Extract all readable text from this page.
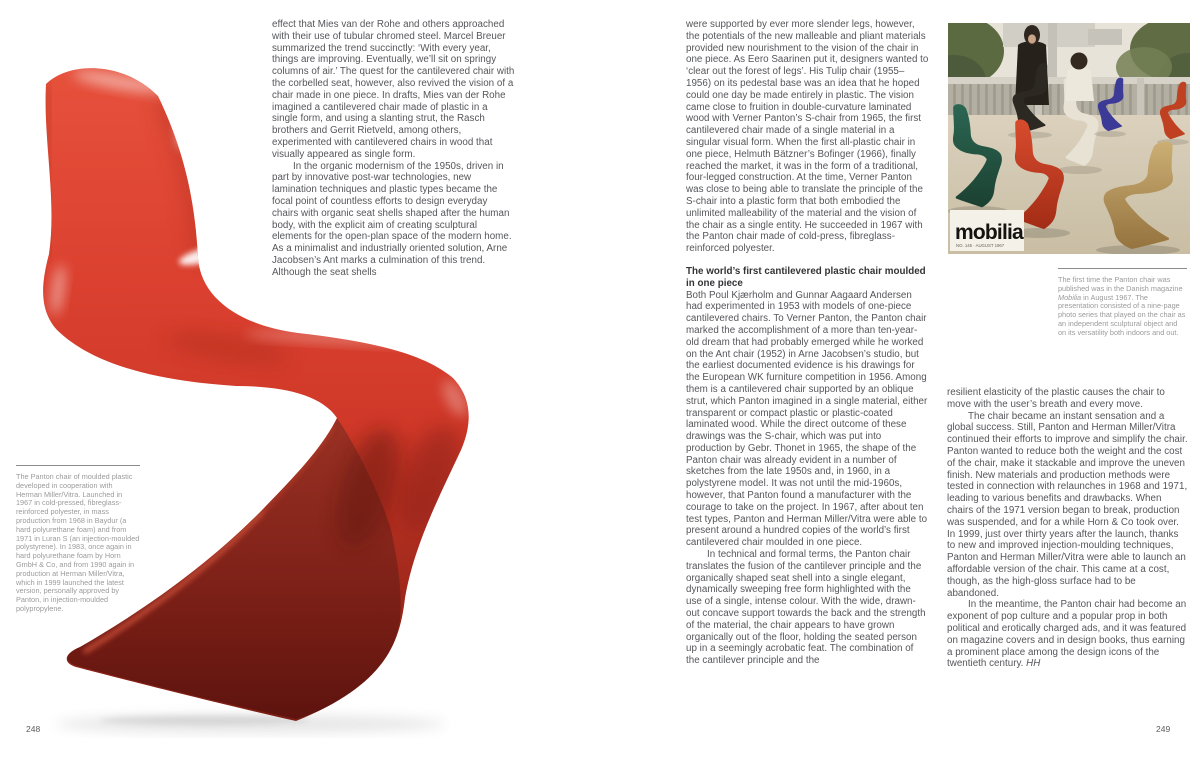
effect that Mies van der Rohe and others approached with their use of tubular chromed steel. Marcel Breuer summarized the trend succinctly: ‘With every year, things are improving. Eventually, we’ll sit on springy columns of air.’ The quest for the cantilevered chair with the corbelled seat, however, also revived the vision of a chair made in one piece. In drafts, Mies van der Rohe imagined a cantilevered chair made of plastic in a single form, and using a slanting strut, the Rasch brothers and Gerrit Rietveld, among others, experimented with cantilevered chairs in wood that visually appeared as single form.

In the organic modernism of the 1950s, driven in part by innovative post-war technologies, new lamination techniques and plastic types became the focal point of countless efforts to design everyday chairs with organic seat shells shaped after the human body, with the explicit aim of creating sculptural elements for the open-plan space of the modern home. As a minimalist and industrially oriented solution, Arne Jacobsen’s Ant marks a culmination of this trend. Although the seat shells

The Panton chair of moulded plastic developed in cooperation with Herman Miller/Vitra. Launched in 1967 in cold-pressed, fibreglass-reinforced polyester, in mass production from 1968 in Baydur (a hard polyurethane foam) and from 1971 in Luran S (an injection-moulded polystyrene). In 1983, once again in hard polyurethane foam by Horn GmbH & Co, and from 1990 again in production at Herman Miller/Vitra, which in 1999 launched the latest version, personally approved by Panton, in injection-moulded polypropylene.

were supported by ever more slender legs, however, the potentials of the new malleable and pliant materials provided new nourishment to the vision of the chair in one piece. As Eero Saarinen put it, designers wanted to ‘clear out the forest of legs’. His Tulip chair (1955–1956) on its pedestal base was an idea that he hoped could one day be made entirely in plastic. The vision came close to fruition in double-curvature laminated wood with Verner Panton’s S-chair from 1965, the first cantilevered chair made of a single material in a singular visual form. When the first all-plastic chair in one piece, Helmuth Bätzner’s Bofinger (1966), finally reached the market, it was in the form of a traditional, four-legged construction. At the time, Verner Panton was close to being able to translate the principle of the S-chair into a plastic form that both embodied the unlimited malleability of the material and the vision of the chair as a single entity. He succeeded in 1967 with the Panton chair made of cold-press, fibreglass-reinforced polyester.

The world’s first cantilevered plastic chair moulded in one piece

Both Poul Kjærholm and Gunnar Aagaard Andersen had experimented in 1953 with models of one-piece cantilevered chairs. To Verner Panton, the Panton chair marked the accomplishment of a more than ten-year-old dream that had probably emerged while he worked on the Ant chair (1952) in Arne Jacobsen’s studio, but the earliest documented evidence is his drawings for the European WK furniture competition in 1956. Among them is a cantilevered chair supported by an oblique strut, which Panton imagined in a single material, either transparent or compact plastic or plastic-coated laminated wood. While the direct outcome of these drawings was the S-chair, which was put into production by Gebr. Thonet in 1965, the shape of the Panton chair was already evident in a number of sketches from the late 1950s and, in 1960, in a polystyrene model. It was not until the mid-1960s, however, that Panton found a manufacturer with the courage to take on the project. In 1967, after about ten test types, Panton and Herman Miller/Vitra were able to present around a hundred copies of the world’s first cantilevered chair moulded in one piece.

In technical and formal terms, the Panton chair translates the fusion of the cantilever principle and the organically shaped seat shell into a single elegant, dynamically sweeping free form highlighted with the use of a single, intense colour. With the wide, drawn-out concave support towards the back and the strength of the material, the chair appears to have grown organically out of the floor, holding the seated person up in a seemingly acrobatic feat. The combination of the cantilever principle and the

mobilia
NO. 145 · AUGUST 1967

The first time the Panton chair was published was in the Danish magazine Mobilia in August 1967. The presentation consisted of a nine-page photo series that played on the chair as an independent sculptural object and on its versatility both indoors and out.

resilient elasticity of the plastic causes the chair to move with the user’s breath and every move.

The chair became an instant sensation and a global success. Still, Panton and Herman Miller/Vitra continued their efforts to improve and simplify the chair. Panton wanted to reduce both the weight and the cost of the chair, make it stackable and improve the uneven finish. New materials and production methods were tested in connection with relaunches in 1968 and 1971, leading to various benefits and drawbacks. When chairs of the 1971 version began to break, production was suspended, and for a while Horn & Co took over. In 1999, just over thirty years after the launch, thanks to new and improved injection-moulding techniques, Panton and Herman Miller/Vitra were able to launch an affordable version of the chair. This came at a cost, though, as the high-gloss surface had to be abandoned.

In the meantime, the Panton chair had become an exponent of pop culture and a popular prop in both political and erotically charged ads, and it was featured on magazine covers and in design books, thus earning a prominent place among the design icons of the twentieth century. HH

248	249
